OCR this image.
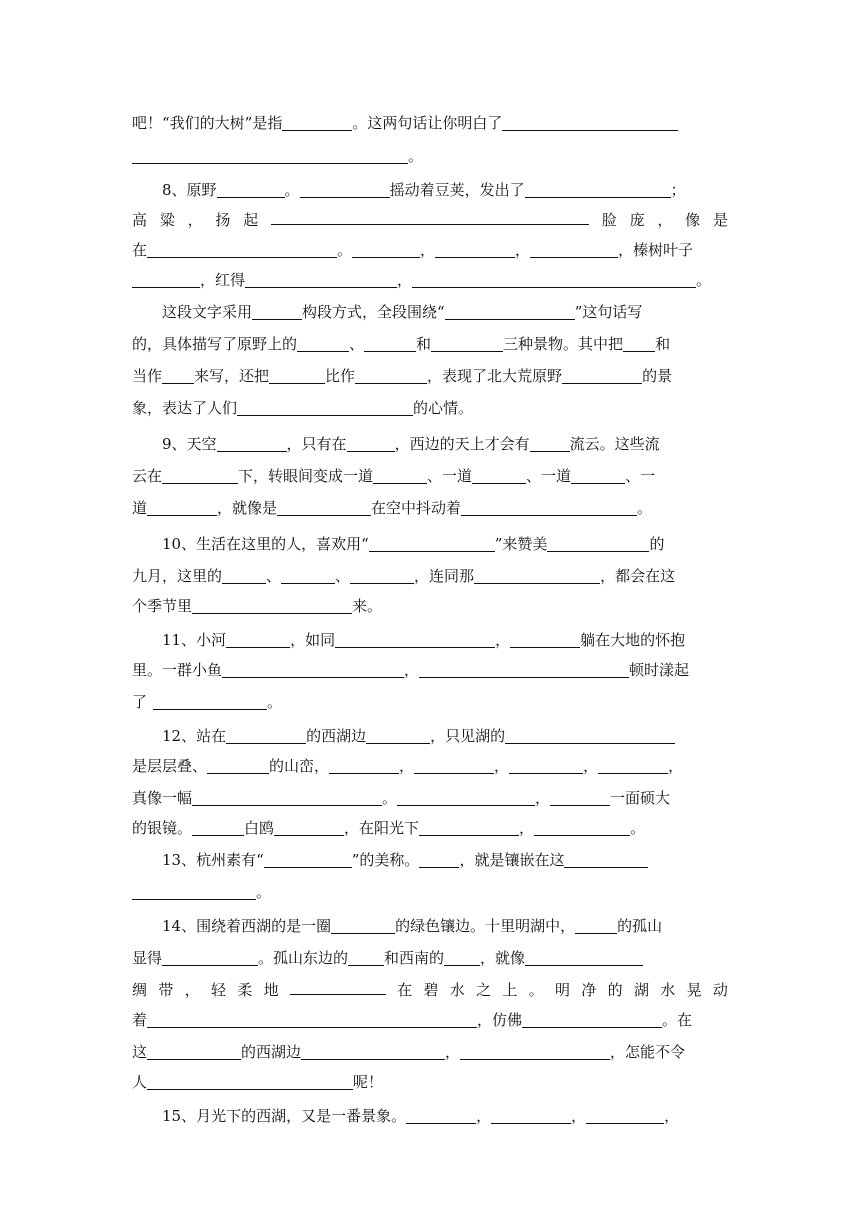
吧！“我们的大树”是指	。这两句话让你明白了
。
8、原野	。	摇动着豆荚，发出了	；
高 粱 ， 扬 起	脸 庞 ， 像 是
在	。	，	，	，榛树叶子
，红得	，	。
这段文字采用	构段方式，全段围绕“	”这句话写
的，具体描写了原野上的	、	和	三种景物。其中把 和
当作 来写，还把	比作	，表现了北大荒原野	的景
象，表达了人们	的心情。
9、天空	，只有在	，西边的天上才会有	流云。这些流
云在	下，转眼间变成一道	、一道	、一道	、一
道	，就像是	在空中抖动着	。
10、生活在这里的人，喜欢用“	”来赞美	的
九月，这里的	、	、	，连同那	，都会在这
个季节里	来。
11、小河	，如同	，	躺在大地的怀抱
里。一群小鱼	，	顿时漾起
了	。
12、站在	的西湖边	，只见湖的
是层层叠、	的山峦，	，	，	，	，
真像一幅	。	，	一面硕大
的银镜。	白鸥	，在阳光下	，	。
13、杭州素有“	”的美称。	，就是镶嵌在这
。
14、围绕着西湖的是一圈	的绿色镶边。十里明湖中，	的孤山
显得	。孤山东边的 和西南的 ，就像
绸 带 ， 轻 柔 地	在 碧 水 之 上 。 明 净 的 湖 水 晃 动
着	，仿佛	。在
这	的西湖边	，	，怎能不令
人	呢！
15、月光下的西湖，又是一番景象。	，	，	，
